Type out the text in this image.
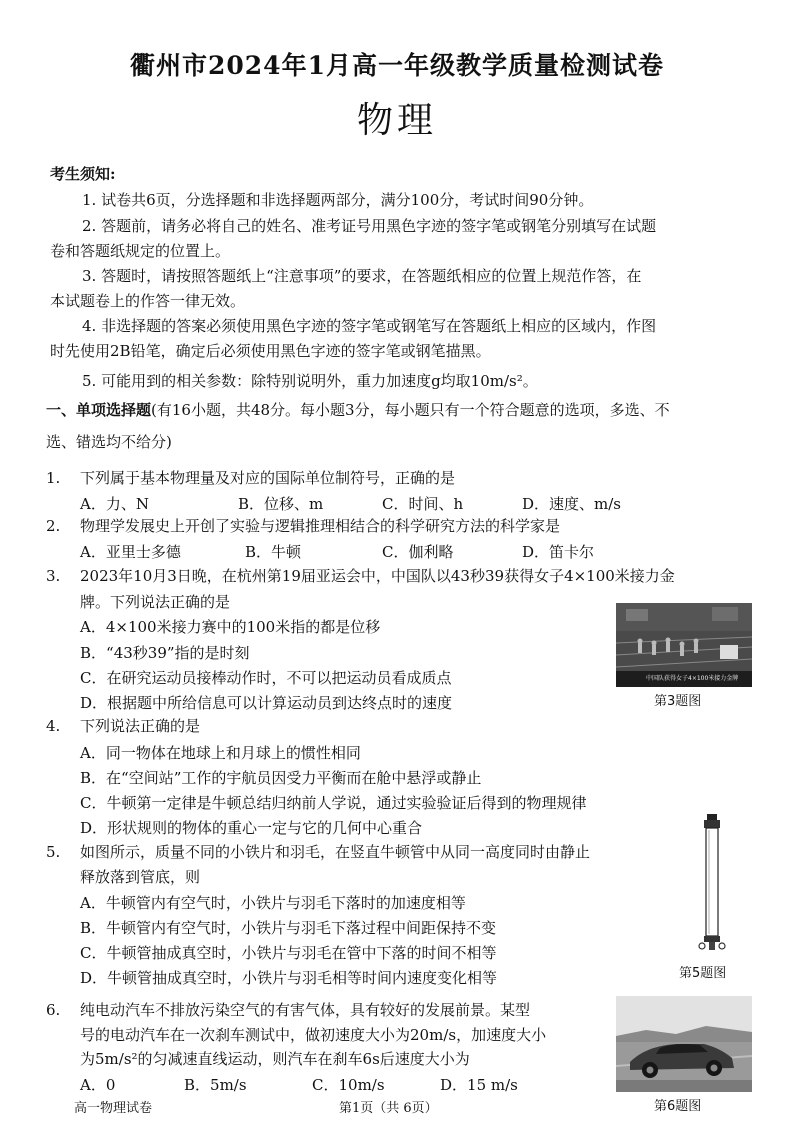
衢州市2024年1月高一年级教学质量检测试卷
物理
考生须知:
1. 试卷共6页，分选择题和非选择题两部分，满分100分，考试时间90分钟。
2. 答题前，请务必将自己的姓名、准考证号用黑色字迹的签字笔或钢笔分别填写在试题
卷和答题纸规定的位置上。
3. 答题时，请按照答题纸上“注意事项”的要求，在答题纸相应的位置上规范作答，在
本试题卷上的作答一律无效。
4. 非选择题的答案必须使用黑色字迹的签字笔或钢笔写在答题纸上相应的区域内，作图
时先使用2B铅笔，确定后必须使用黑色字迹的签字笔或钢笔描黑。
5. 可能用到的相关参数：除特别说明外，重力加速度g均取10m/s²。
一、单项选择题(有16小题，共48分。每小题3分，每小题只有一个符合题意的选项，多选、不
选、错选均不给分)
1. 下列属于基本物理量及对应的国际单位制符号，正确的是
A．力、N	B．位移、m	C．时间、h	D．速度、m/s
2. 物理学发展史上开创了实验与逻辑推理相结合的科学研究方法的科学家是
A．亚里士多德	B．牛顿	C．伽利略	D．笛卡尔
3. 2023年10月3日晚，在杭州第19届亚运会中，中国队以43秒39获得女子4×100米接力金
牌。下列说法正确的是
A．4×100米接力赛中的100米指的都是位移
B．“43秒39”指的是时刻
C．在研究运动员接棒动作时，不可以把运动员看成质点
D．根据题中所给信息可以计算运动员到达终点时的速度
中国队获得女子4×100米接力金牌
第3题图
4. 下列说法正确的是
A．同一物体在地球上和月球上的惯性相同
B．在“空间站”工作的宇航员因受力平衡而在舱中悬浮或静止
C．牛顿第一定律是牛顿总结归纳前人学说，通过实验验证后得到的物理规律
D．形状规则的物体的重心一定与它的几何中心重合
5. 如图所示，质量不同的小铁片和羽毛，在竖直牛顿管中从同一高度同时由静止
释放落到管底，则
A．牛顿管内有空气时，小铁片与羽毛下落时的加速度相等
B．牛顿管内有空气时，小铁片与羽毛下落过程中间距保持不变
C．牛顿管抽成真空时，小铁片与羽毛在管中下落的时间不相等
D．牛顿管抽成真空时，小铁片与羽毛相等时间内速度变化相等	第5题图
6. 纯电动汽车不排放污染空气的有害气体，具有较好的发展前景。某型
号的电动汽车在一次刹车测试中，做初速度大小为20m/s，加速度大小
为5m/s²的匀减速直线运动，则汽车在刹车6s后速度大小为
A．0	B．5m/s	C．10m/s	D．15 m/s
第6题图
高一物理试卷	第1页（共 6页）
